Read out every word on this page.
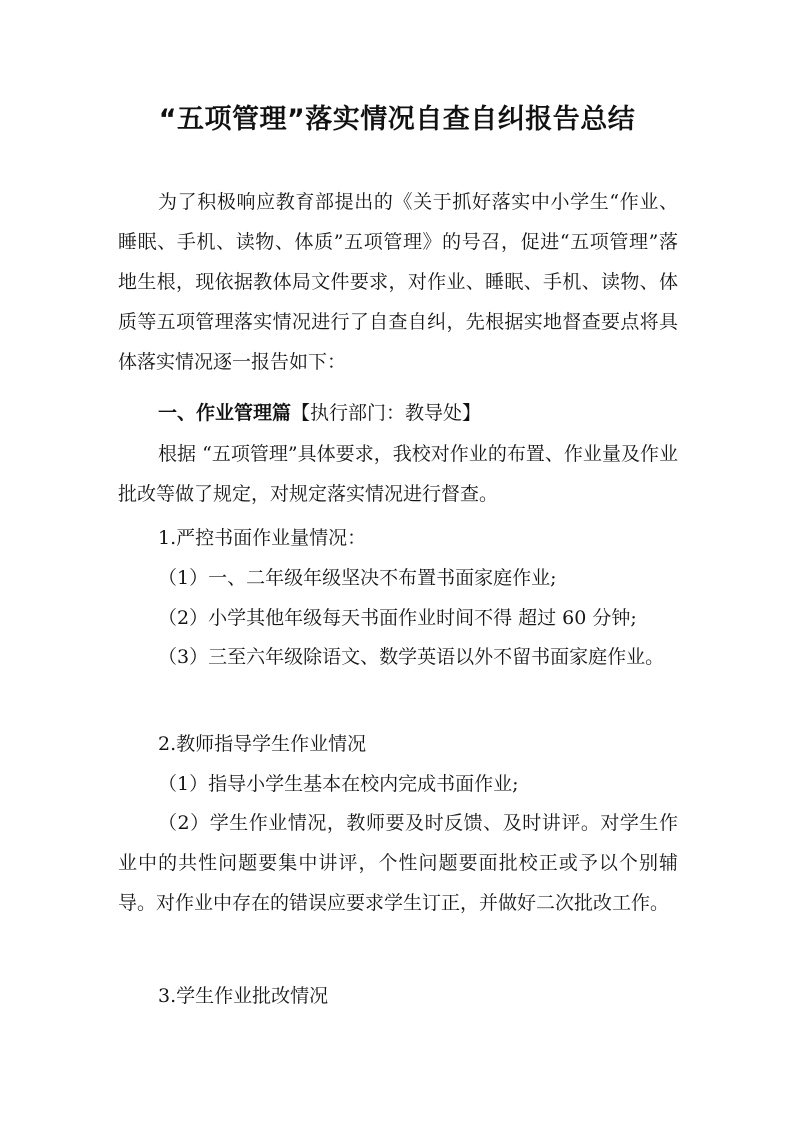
“五项管理”落实情况自查自纠报告总结
为了积极响应教育部提出的《关于抓好落实中小学生“作业、睡眠、手机、读物、体质”五项管理》的号召，促进“五项管理”落地生根，现依据教体局文件要求，对作业、睡眠、手机、读物、体质等五项管理落实情况进行了自查自纠，先根据实地督查要点将具体落实情况逐一报告如下：
一、作业管理篇【执行部门：教导处】
根据 “五项管理”具体要求，我校对作业的布置、作业量及作业批改等做了规定，对规定落实情况进行督查。
1.严控书面作业量情况：
（1）一、二年级年级坚决不布置书面家庭作业;
（2）小学其他年级每天书面作业时间不得 超过 60 分钟;
（3）三至六年级除语文、数学英语以外不留书面家庭作业。
2.教师指导学生作业情况
（1）指导小学生基本在校内完成书面作业;
（2）学生作业情况，教师要及时反馈、及时讲评。对学生作业中的共性问题要集中讲评，个性问题要面批校正或予以个别辅导。对作业中存在的错误应要求学生订正，并做好二次批改工作。
3.学生作业批改情况
